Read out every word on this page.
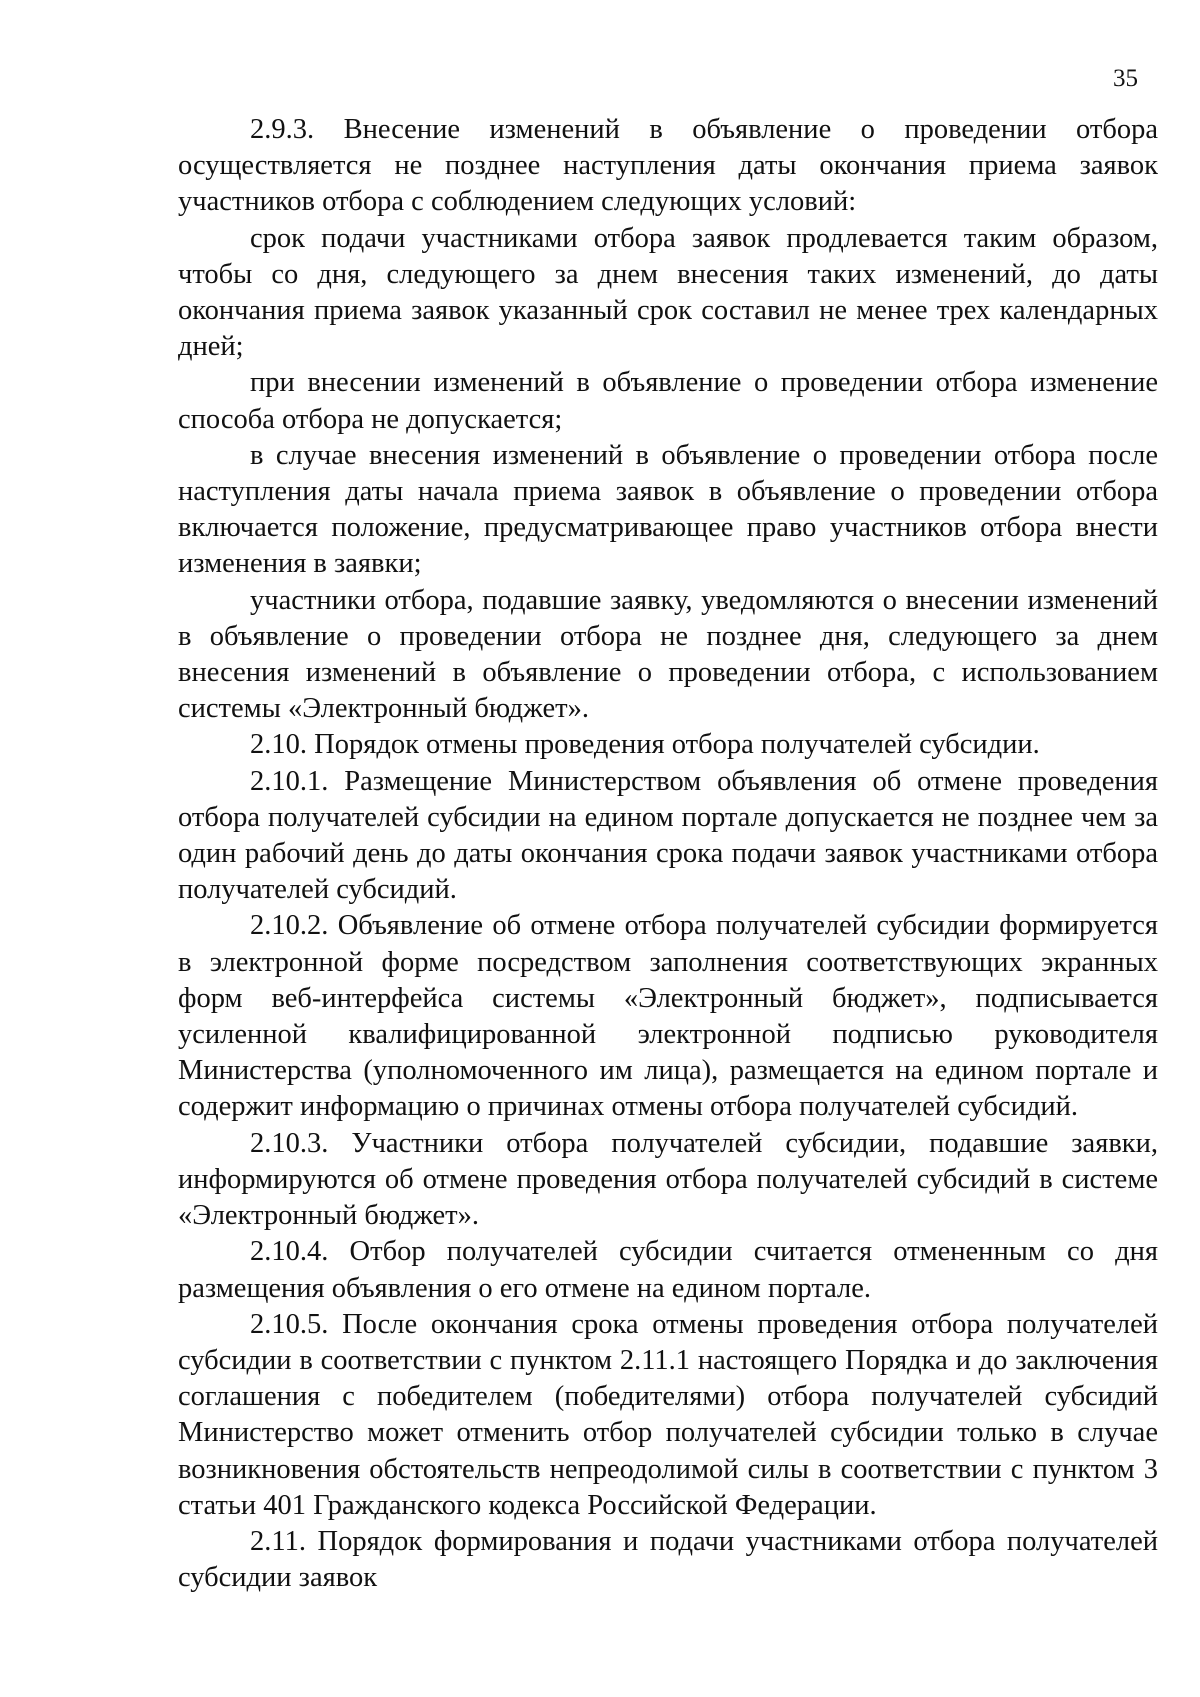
35

2.9.3. Внесение изменений в объявление о проведении отбора осуществляется не позднее наступления даты окончания приема заявок участников отбора с соблюдением следующих условий:

срок подачи участниками отбора заявок продлевается таким образом, чтобы со дня, следующего за днем внесения таких изменений, до даты окончания приема заявок указанный срок составил не менее трех календарных дней;

при внесении изменений в объявление о проведении отбора изменение способа отбора не допускается;

в случае внесения изменений в объявление о проведении отбора после наступления даты начала приема заявок в объявление о проведении отбора включается положение, предусматривающее право участников отбора внести изменения в заявки;

участники отбора, подавшие заявку, уведомляются о внесении изменений в объявление о проведении отбора не позднее дня, следующего за днем внесения изменений в объявление о проведении отбора, с использованием системы «Электронный бюджет».

2.10. Порядок отмены проведения отбора получателей субсидии.

2.10.1. Размещение Министерством объявления об отмене проведения отбора получателей субсидии на едином портале допускается не позднее чем за один рабочий день до даты окончания срока подачи заявок участниками отбора получателей субсидий.

2.10.2. Объявление об отмене отбора получателей субсидии формируется в электронной форме посредством заполнения соответствующих экранных форм веб-интерфейса системы «Электронный бюджет», подписывается усиленной квалифицированной электронной подписью руководителя Министерства (уполномоченного им лица), размещается на едином портале и содержит информацию о причинах отмены отбора получателей субсидий.

2.10.3. Участники отбора получателей субсидии, подавшие заявки, информируются об отмене проведения отбора получателей субсидий в системе «Электронный бюджет».

2.10.4. Отбор получателей субсидии считается отмененным со дня размещения объявления о его отмене на едином портале.

2.10.5. После окончания срока отмены проведения отбора получателей субсидии в соответствии с пунктом 2.11.1 настоящего Порядка и до заключения соглашения с победителем (победителями) отбора получателей субсидий Министерство может отменить отбор получателей субсидии только в случае возникновения обстоятельств непреодолимой силы в соответствии с пунктом 3 статьи 401 Гражданского кодекса Российской Федерации.

2.11. Порядок формирования и подачи участниками отбора получателей субсидии заявок
